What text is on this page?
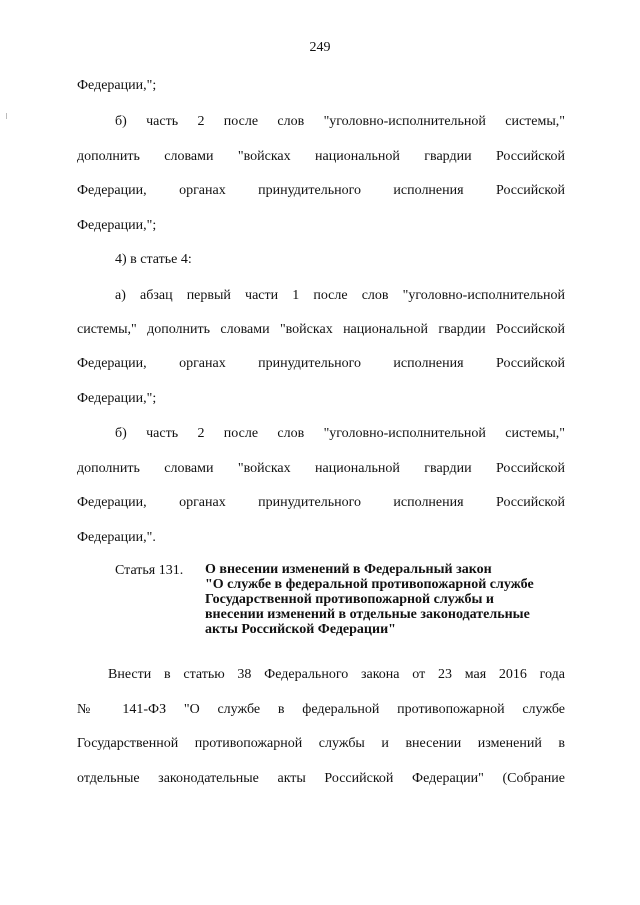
249
Федерации,";
б) часть 2 после слов "уголовно-исполнительной системы,"
дополнить словами "войсках национальной гвардии Российской
Федерации, органах принудительного исполнения Российской
Федерации,";
4) в статье 4:
а) абзац первый части 1 после слов "уголовно-исполнительной
системы," дополнить словами "войсках национальной гвардии Российской
Федерации, органах принудительного исполнения Российской
Федерации,";
б) часть 2 после слов "уголовно-исполнительной системы,"
дополнить словами "войсках национальной гвардии Российской
Федерации, органах принудительного исполнения Российской
Федерации,".
Статья 131. О внесении изменений в Федеральный закон
"О службе в федеральной противопожарной службе
Государственной противопожарной службы и
внесении изменений в отдельные законодательные
акты Российской Федерации"
Внести в статью 38 Федерального закона от 23 мая 2016 года
№ 141-ФЗ "О службе в федеральной противопожарной службе
Государственной противопожарной службы и внесении изменений в
отдельные законодательные акты Российской Федерации" (Собрание
